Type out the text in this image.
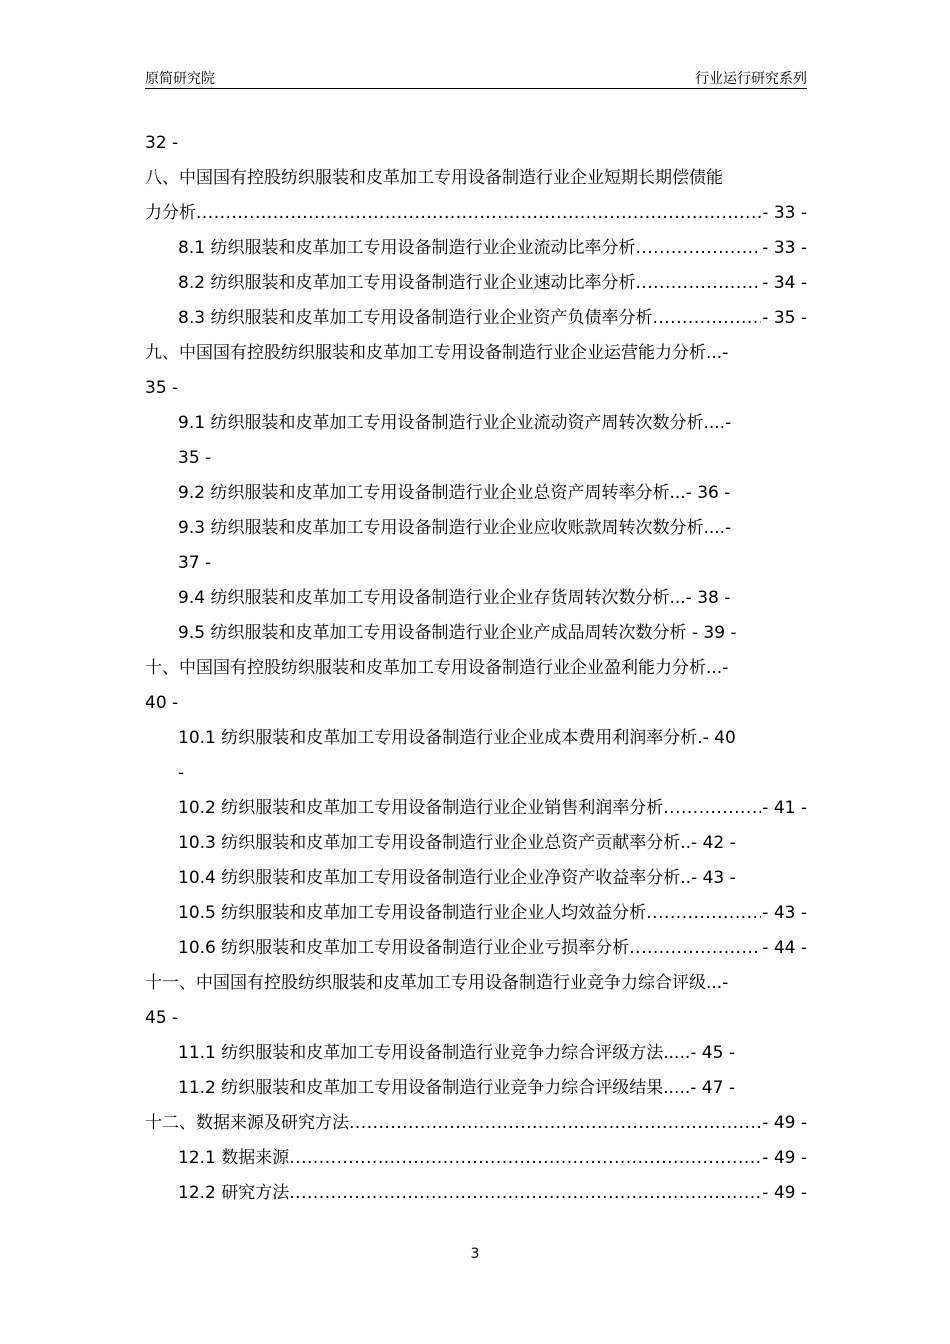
原简研究院	行业运行研究系列
32 -
八、中国国有控股纺织服装和皮革加工专用设备制造行业企业短期长期偿债能
力分析 .....	- 33 -
8.1 纺织服装和皮革加工专用设备制造行业企业流动比率分析 .....	- 33 -
8.2 纺织服装和皮革加工专用设备制造行业企业速动比率分析 .....	- 34 -
8.3 纺织服装和皮革加工专用设备制造行业企业资产负债率分析 .....	- 35 -
九、中国国有控股纺织服装和皮革加工专用设备制造行业企业运营能力分析...-
35 -
9.1 纺织服装和皮革加工专用设备制造行业企业流动资产周转次数分析....-
35 -
9.2 纺织服装和皮革加工专用设备制造行业企业总资产周转率分析...- 36 -
9.3 纺织服装和皮革加工专用设备制造行业企业应收账款周转次数分析....-
37 -
9.4 纺织服装和皮革加工专用设备制造行业企业存货周转次数分析...- 38 -
9.5 纺织服装和皮革加工专用设备制造行业企业产成品周转次数分析 - 39 -
十、中国国有控股纺织服装和皮革加工专用设备制造行业企业盈利能力分析...-
40 -
10.1 纺织服装和皮革加工专用设备制造行业企业成本费用利润率分析.- 40
-
10.2 纺织服装和皮革加工专用设备制造行业企业销售利润率分析 .....	- 41 -
10.3 纺织服装和皮革加工专用设备制造行业企业总资产贡献率分析..- 42 -
10.4 纺织服装和皮革加工专用设备制造行业企业净资产收益率分析..- 43 -
10.5 纺织服装和皮革加工专用设备制造行业企业人均效益分析 .....	- 43 -
10.6 纺织服装和皮革加工专用设备制造行业企业亏损率分析 .....	- 44 -
十一、中国国有控股纺织服装和皮革加工专用设备制造行业竞争力综合评级...-
45 -
11.1 纺织服装和皮革加工专用设备制造行业竞争力综合评级方法.....- 45 -
11.2 纺织服装和皮革加工专用设备制造行业竞争力综合评级结果.....- 47 -
十二、数据来源及研究方法 .....	- 49 -
12.1 数据来源 .....	- 49 -
12.2 研究方法 .....	- 49 -
3
